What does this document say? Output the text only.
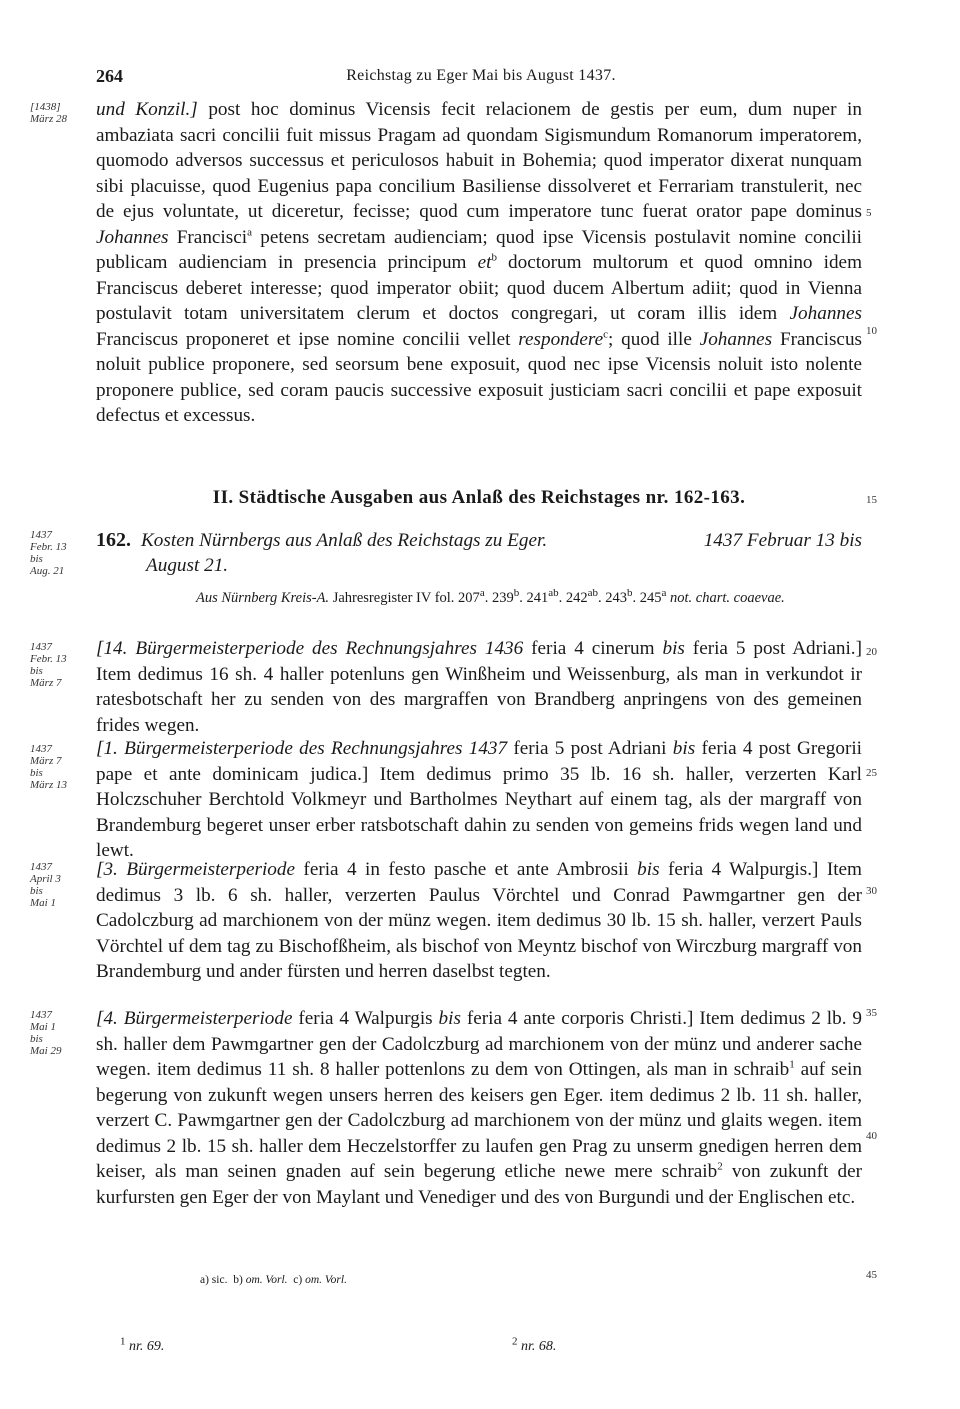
264	Reichstag zu Eger Mai bis August 1437.
[1438]
März 28
1437
Febr. 13
bis
Aug. 21
1437
Febr. 13
bis
März 7
1437
März 7
bis
März 13
1437
April 3
bis
Mai 1
1437
Mai 1
bis
Mai 29
5
10
15
20
25
30
35
40
45

und Konzil.] post hoc dominus Vicensis fecit relacionem de gestis per eum, dum nuper in ambaziata sacri concilii fuit missus Pragam ad quondam Sigismundum Romanorum imperatorem, quomodo adversos successus et periculosos habuit in Bohemia; quod imperator dixerat nunquam sibi placuisse, quod Eugenius papa concilium Basiliense dissolveret et Ferrariam transtulerit, nec de ejus voluntate, ut diceretur, fecisse; quod cum imperatore tunc fuerat orator pape dominus Johannes Francisci$^a$ petens secretam audienciam; quod ipse Vicensis postulavit nomine concilii publicam audienciam in presencia principum $et^b$ doctorum multorum et quod omnino idem Franciscus deberet interesse; quod imperator obiit; quod ducem Albertum adiit; quod in Vienna postulavit totam universitatem clerum et doctos congregari, ut coram illis idem Johannes Franciscus proponeret et ipse nomine concilii vellet respondere$^c$; quod ille Johannes Franciscus noluit publice proponere, sed seorsum bene exposuit, quod nec ipse Vicensis noluit isto nolente proponere publice, sed coram paucis successive exposuit justiciam sacri concilii et pape exposuit defectus et excessus.

II. Städtische Ausgaben aus Anlaß des Reichstages nr. 162-163.
162. Kosten Nürnbergs aus Anlaß des Reichstags zu Eger.	1437 Februar 13 bis
August 21.
Aus Nürnberg Kreis-A. Jahresregister IV fol. 207$^a$. 239$^b$. $241^{ab}$. $242^{ab}$. 243$^b$. 245$^a$ not. chart. coaevae.

[14. Bürgermeisterperiode des Rechnungsjahres 1436 feria 4 cinerum bis feria 5 post Adriani.] Item dedimus 16 sh. 4 haller potenluns gen Winßheim und Weissenburg, als man in verkundot ir ratesbotschaft her zu senden von des margraffen von Brandberg anpringens von des gemeinen frides wegen.

[1. Bürgermeisterperiode des Rechnungsjahres 1437 feria 5 post Adriani bis feria 4 post Gregorii pape et ante dominicam judica.] Item dedimus primo 35 lb. 16 sh. haller, verzerten Karl Holczschuher Berchtold Volkmeyr und Bartholmes Neythart auf einem tag, als der margraff von Brandemburg begeret unser erber ratsbotschaft dahin zu senden von gemeins frids wegen land und lewt.

[3. Bürgermeisterperiode feria 4 in festo pasche et ante Ambrosii bis feria 4 Walpurgis.] Item dedimus 3 lb. 6 sh. haller, verzerten Paulus Vörchtel und Conrad Pawmgartner gen der Cadolczburg ad marchionem von der münz wegen. item dedimus 30 lb. 15 sh. haller, verzert Pauls Vörchtel uf dem tag zu Bischofßheim, als bischof von Meyntz bischof von Wirczburg margraff von Brandemburg und ander fürsten und herren daselbst tegten.

[4. Bürgermeisterperiode feria 4 Walpurgis bis feria 4 ante corporis Christi.] Item dedimus 2 lb. 9 sh. haller dem Pawmgartner gen der Cadolczburg ad marchionem von der münz und anderer sache wegen. item dedimus 11 sh. 8 haller pottenlons zu dem von Ottingen, als man in schraib$^1$ auf sein begerung von zukunft wegen unsers herren des keisers gen Eger. item dedimus 2 lb. 11 sh. haller, verzert C. Pawmgartner gen der Cadolczburg ad marchionem von der münz und glaits wegen. item dedimus 2 lb. 15 sh. haller dem Heczelstorffer zu laufen gen Prag zu unserm gnedigen herren dem keiser, als man seinen gnaden auf sein begerung etliche newe mere schraib$^2$ von zukunft der kurfursten gen Eger der von Maylant und Venediger und des von Burgundi und der Englischen etc.

a) sic. b) om. Vorl. c) om. Vorl.
$^1$ nr. 69.	$^2$ nr. 68.
